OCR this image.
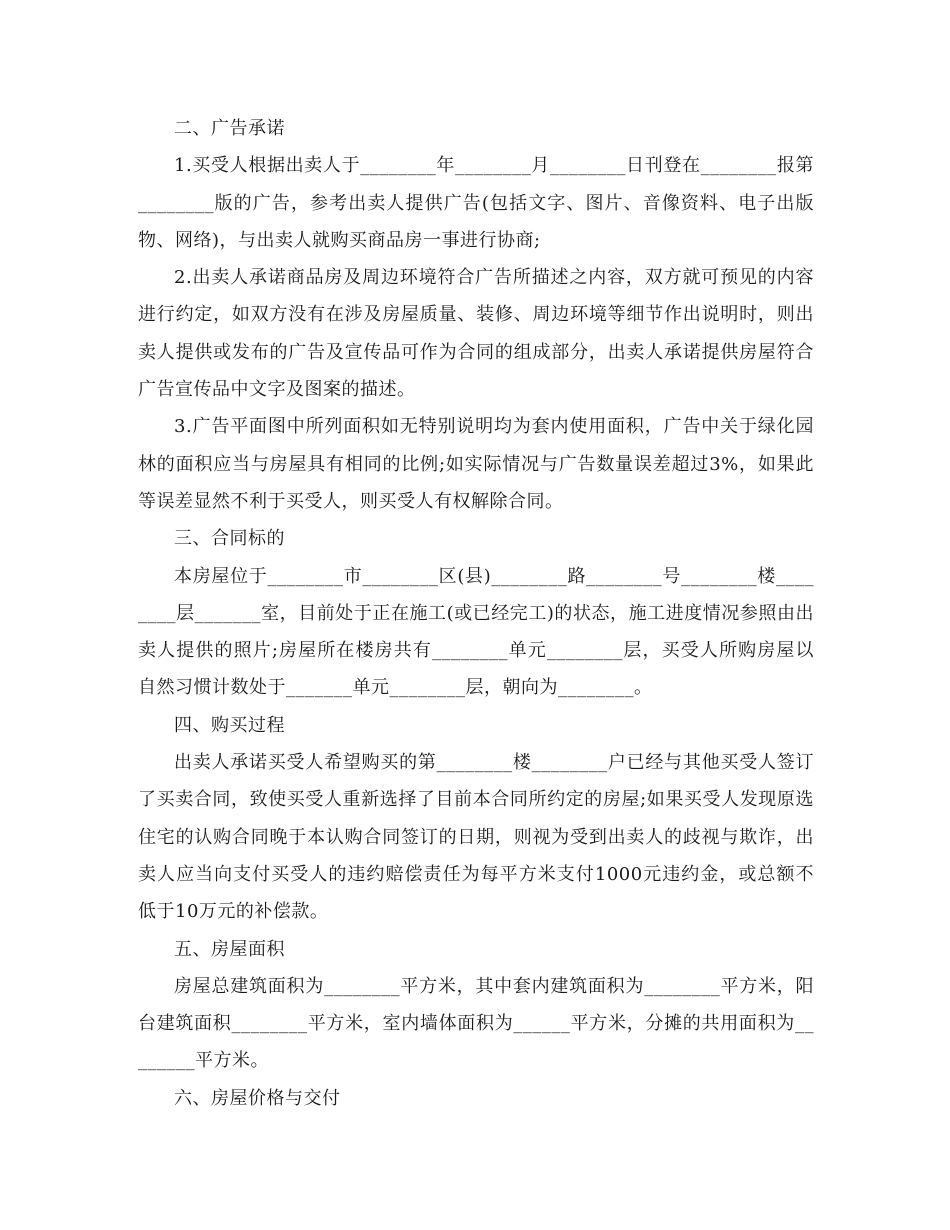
二、广告承诺

1.买受人根据出卖人于________年________月________日刊登在________报第________版的广告，参考出卖人提供广告(包括文字、图片、音像资料、电子出版物、网络)，与出卖人就购买商品房一事进行协商;

2.出卖人承诺商品房及周边环境符合广告所描述之内容，双方就可预见的内容进行约定，如双方没有在涉及房屋质量、装修、周边环境等细节作出说明时，则出卖人提供或发布的广告及宣传品可作为合同的组成部分，出卖人承诺提供房屋符合广告宣传品中文字及图案的描述。

3.广告平面图中所列面积如无特别说明均为套内使用面积，广告中关于绿化园林的面积应当与房屋具有相同的比例;如实际情况与广告数量误差超过3%，如果此等误差显然不利于买受人，则买受人有权解除合同。

三、合同标的

本房屋位于________市________区(县)________路________号________楼________层_______室，目前处于正在施工(或已经完工)的状态，施工进度情况参照由出卖人提供的照片;房屋所在楼房共有________单元________层，买受人所购房屋以自然习惯计数处于_______单元________层，朝向为________。

四、购买过程

出卖人承诺买受人希望购买的第________楼________户已经与其他买受人签订了买卖合同，致使买受人重新选择了目前本合同所约定的房屋;如果买受人发现原选住宅的认购合同晚于本认购合同签订的日期，则视为受到出卖人的歧视与欺诈，出卖人应当向支付买受人的违约赔偿责任为每平方米支付1000元违约金，或总额不低于10万元的补偿款。

五、房屋面积

房屋总建筑面积为________平方米，其中套内建筑面积为________平方米，阳台建筑面积________平方米，室内墙体面积为______平方米，分摊的共用面积为________平方米。

六、房屋价格与交付
